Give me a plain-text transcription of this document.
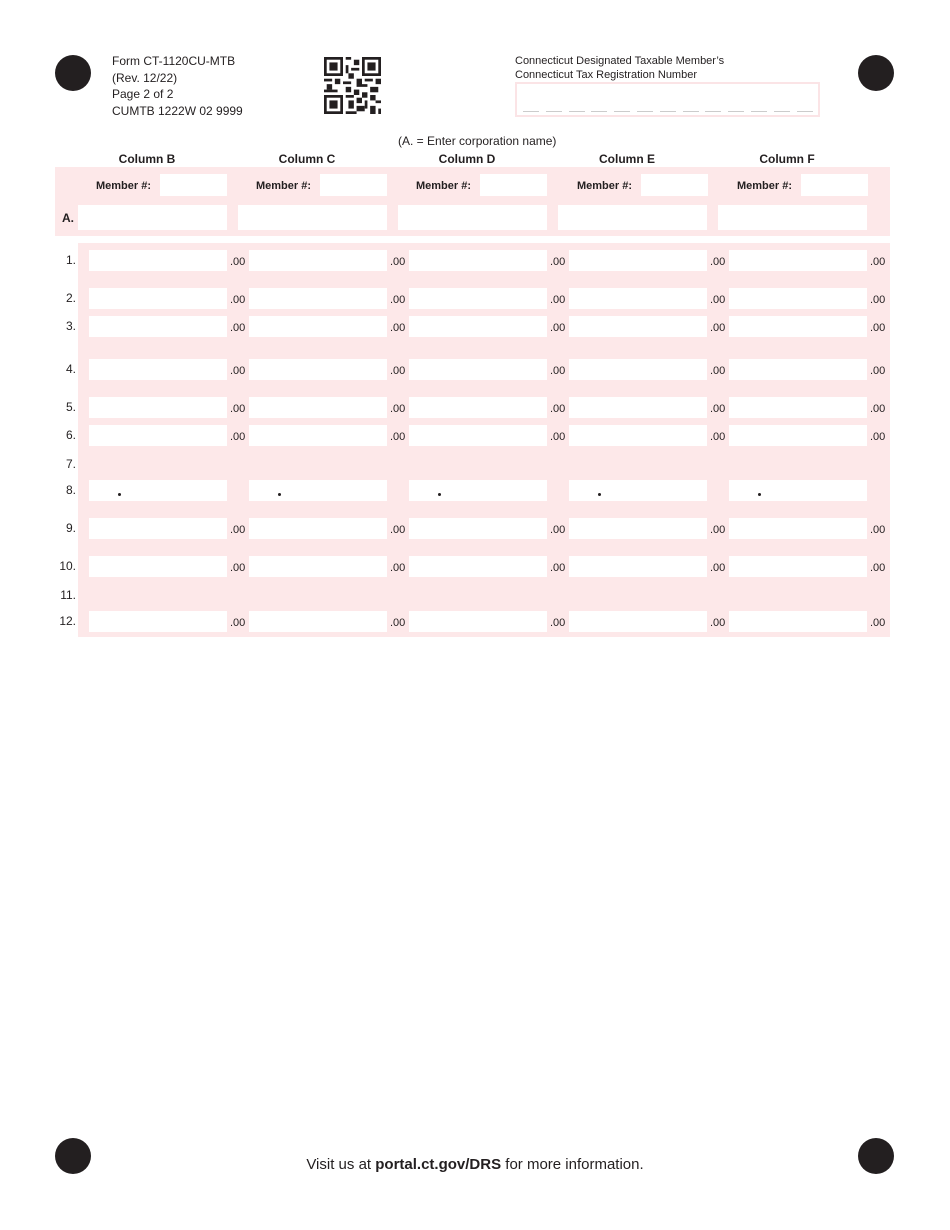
Form CT-1120CU-MTB
(Rev. 12/22)
Page 2 of 2
CUMTB 1222W 02 9999
Connecticut Designated Taxable Member’s
Connecticut Tax Registration Number
(A. = Enter corporation name)
A.
Visit us at portal.ct.gov/DRS for more information.
Column B	Column C	Column D	Column E	Column F
Member #:	Member #:	Member #:	Member #:	Member #:
1.	.00	.00	.00	.00	.00
2.	.00	.00	.00	.00	.00
3.	.00	.00	.00	.00	.00
4.	.00	.00	.00	.00	.00
5.	.00	.00	.00	.00	.00
6.	.00	.00	.00	.00	.00
7.
8.
9.	.00	.00	.00	.00	.00
10.	.00	.00	.00	.00	.00
11.
12.	.00	.00	.00	.00	.00
